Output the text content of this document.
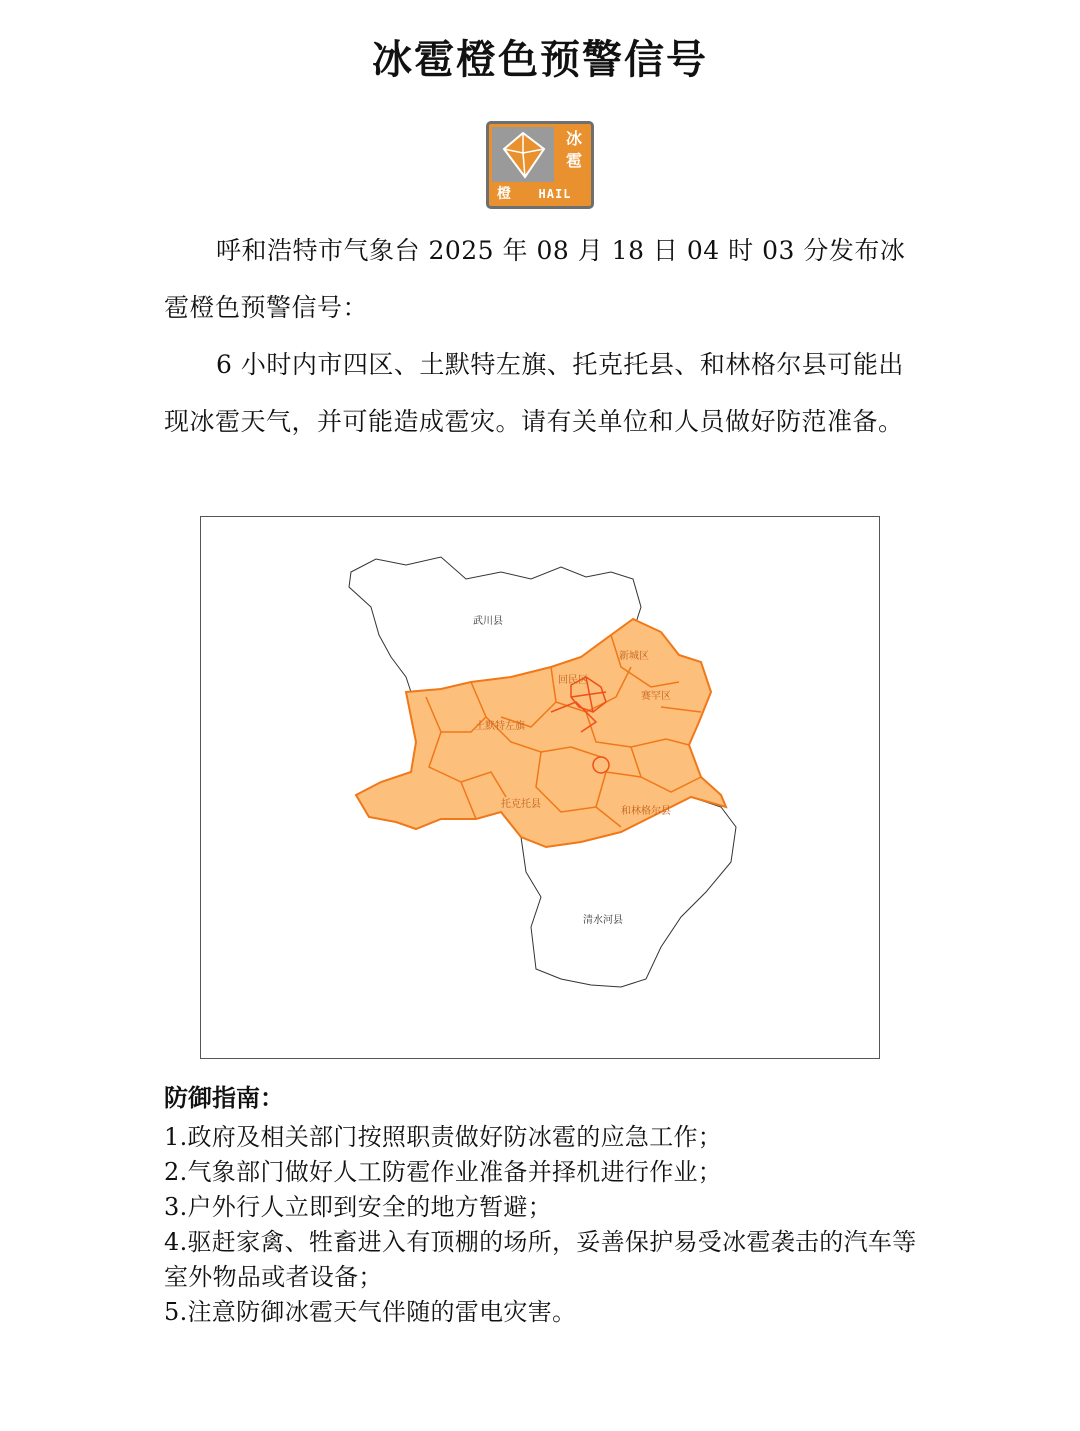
冰雹橙色预警信号
冰
雹
橙	HAIL

呼和浩特市气象台 2025 年 08 月 18 日 04 时 03 分发布冰雹橙色预警信号：

6 小时内市四区、土默特左旗、托克托县、和林格尔县可能出现冰雹天气，并可能造成雹灾。请有关单位和人员做好防范准备。

武川县
新城区
回民区
赛罕区
土默特左旗
托克托县
和林格尔县
清水河县
防御指南：
1.政府及相关部门按照职责做好防冰雹的应急工作；
2.气象部门做好人工防雹作业准备并择机进行作业；
3.户外行人立即到安全的地方暂避；
4.驱赶家禽、牲畜进入有顶棚的场所，妥善保护易受冰雹袭击的汽车等室外物品或者设备；
5.注意防御冰雹天气伴随的雷电灾害。
